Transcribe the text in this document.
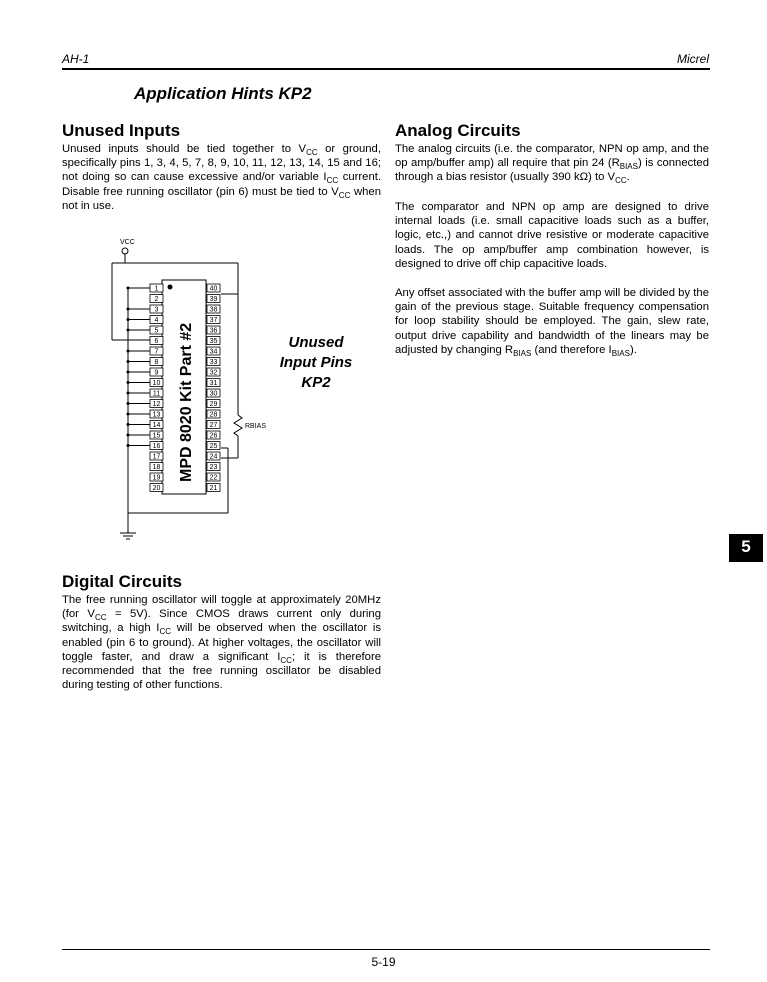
AH-1	Micrel
Application Hints KP2
Unused Inputs
Unused inputs should be tied together to $V_{CC}$ or ground, specifically pins 1, 3, 4, 5, 7, 8, 9, 10, 11, 12, 13, 14, 15 and 16; not doing so can cause excessive and/or variable $I_{CC}$ current. Disable free running oscillator (pin 6) must be tied to $V_{CC}$ when not in use.
Analog Circuits
The analog circuits (i.e. the comparator, NPN op amp, and the op amp/buffer amp) all require that pin 24 $(R_{BIAS})$ is connected through a bias resistor (usually 390 kΩ) to $V_{CC}$.
The comparator and NPN op amp are designed to drive internal loads (i.e. small capacitive loads such as a buffer, logic, etc.,) and cannot drive resistive or moderate capacitive loads. The op amp/buffer amp combination however, is designed to drive off chip capacitive loads.
Any offset associated with the buffer amp will be divided by the gain of the previous stage. Suitable frequency compensation for loop stability should be employed. The gain, slew rate, output drive capability and bandwidth of the linears may be adjusted by changing $R_{BIAS}$ (and therefore $I_{BIAS}$).
1
2
3
4
5
6
7
8
9
10
11
12
13
14
15
16
17
18
19
20
40
39
38
37
36
35
34
33
32
31
30
29
28
27
26
25
24
23
22
21
VCC
RBIAS
MPD 8020 Kit Part #2	Unused
Input Pins
KP2
5
Digital Circuits
The free running oscillator will toggle at approximately 20MHz (for $V_{CC} = 5V$). Since CMOS draws current only during switching, a high $I_{CC}$ will be observed when the oscillator is enabled (pin 6 to ground). At higher voltages, the oscillator will toggle faster, and draw a significant $I_{CC}$; it is therefore recommended that the free running oscillator be disabled during testing of other functions.
5-19
